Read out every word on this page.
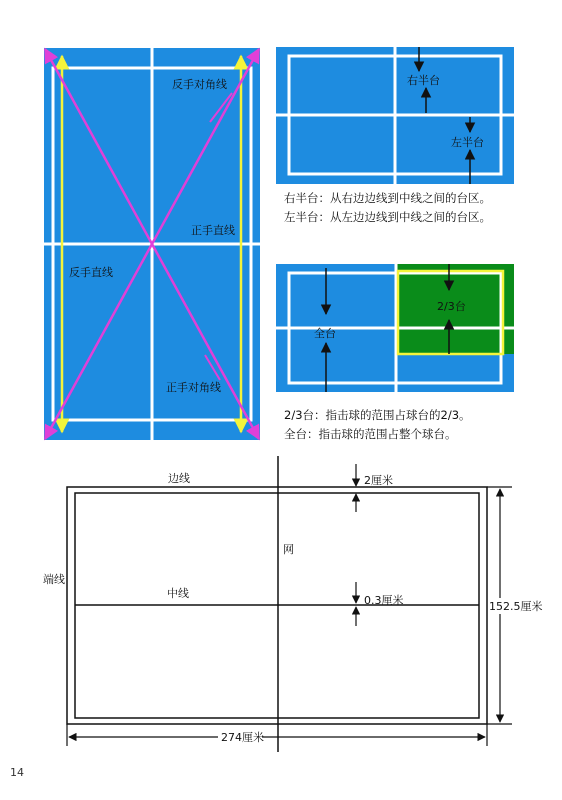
反手对角线
正手直线
反手直线
正手对角线
右半台
左半台
全台
2/3台
边线
端线
网
中线
2厘米
0.3厘米	152.5厘米
274厘米
右半台：从右边边线到中线之间的台区。
左半台：从左边边线到中线之间的台区。
2/3台：指击球的范围占球台的2/3。
全台：指击球的范围占整个球台。
14
